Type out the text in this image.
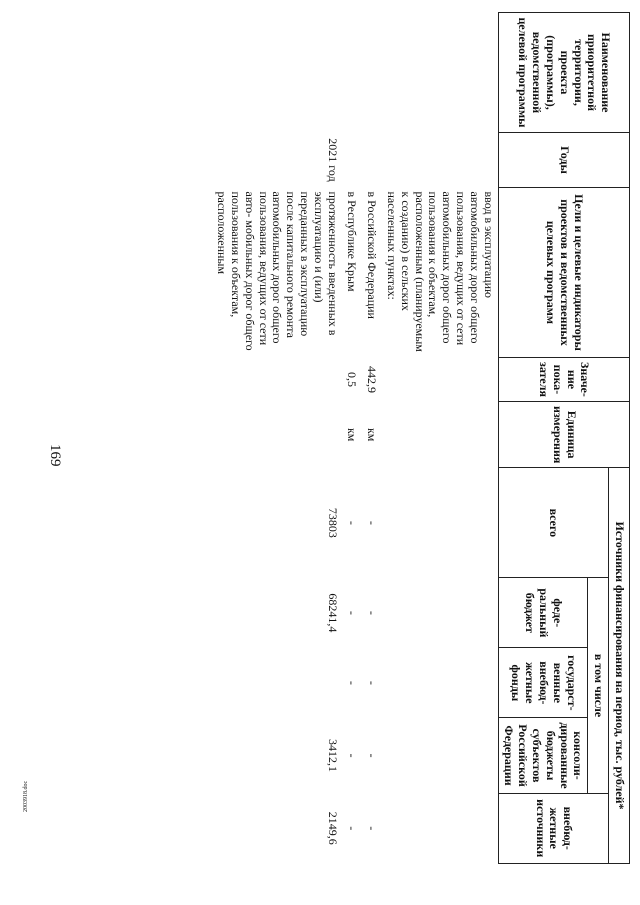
169
2003918.doc
Наименование приоритетной территории, проекта (программы), ведомственной целевой программы	Годы	Цели и целевые индикаторы проектов и ведомственных целевых программ	Значе- ние пока- зателя	Единица измерения	Источники финансирования на период, тыс. рублей*				
					всего	в том числе			внебюд- жетные источники
						феде- ральный бюджет	государст- венные внебюд- жетные фонды	консоли- дированные бюджеты субъектов Российской Федерации	
		ввод в эксплуатацию автомобильных дорог общего пользования, ведущих от сети автомобильных дорог общего пользования к объектам, расположенным (планируемым к созданию) в сельских населенных пунктах:							
		в Российской Федерации	442,9	км	-	-	-	-	-
		в Республике Крым	0,5	км	-	-	-	-	-
	2021 год	протяженность введенных в эксплуатацию и (или) переданных в эксплуатацию после капитального ремонта автомобильных дорог общего пользования, ведущих от сети авто- мобильных дорог общего пользования к объектам, расположенным			73803	68241,4		3412,1	2149,6
